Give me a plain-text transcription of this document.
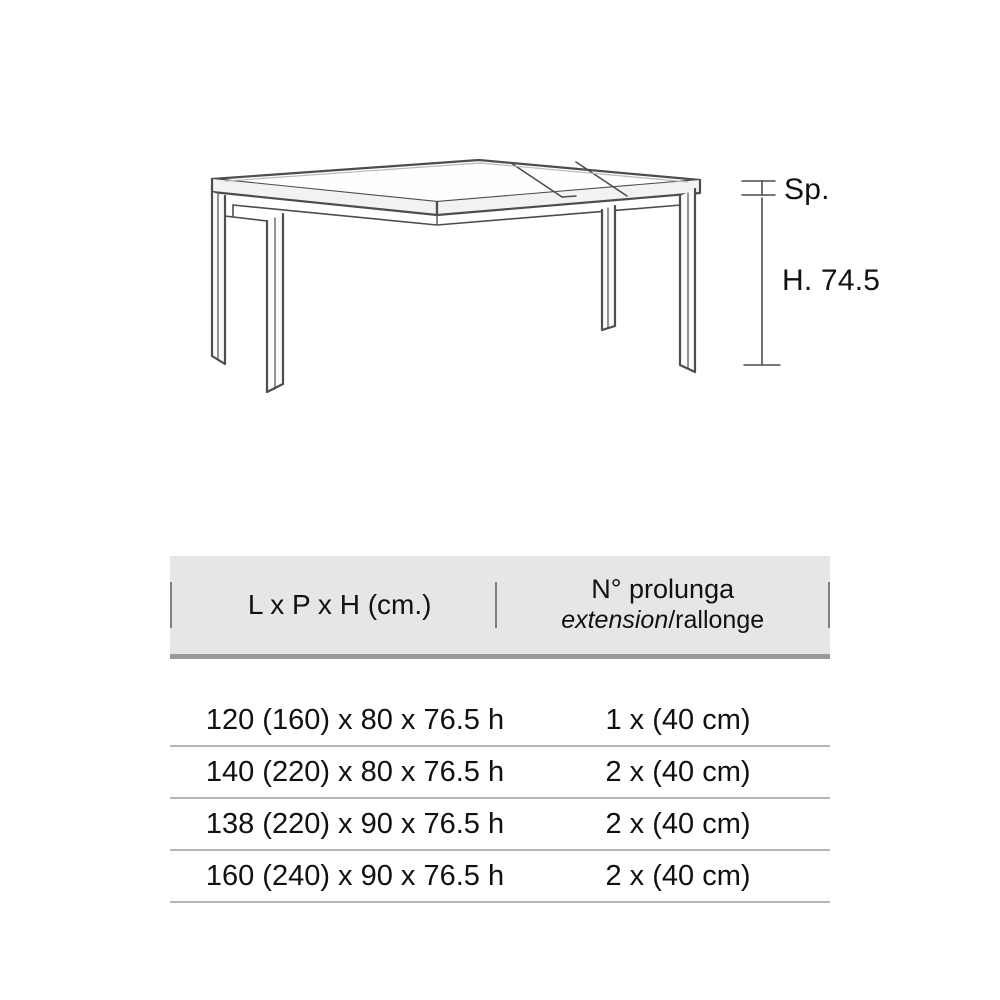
Sp.
H. 74.5
L x P x H (cm.)
N° prolunga
extension/rallonge
120 (160) x 80 x 76.5 h	1 x (40 cm)
140 (220) x 80 x 76.5 h	2 x (40 cm)
138 (220) x 90 x 76.5 h	2 x (40 cm)
160 (240) x 90 x 76.5 h	2 x (40 cm)
